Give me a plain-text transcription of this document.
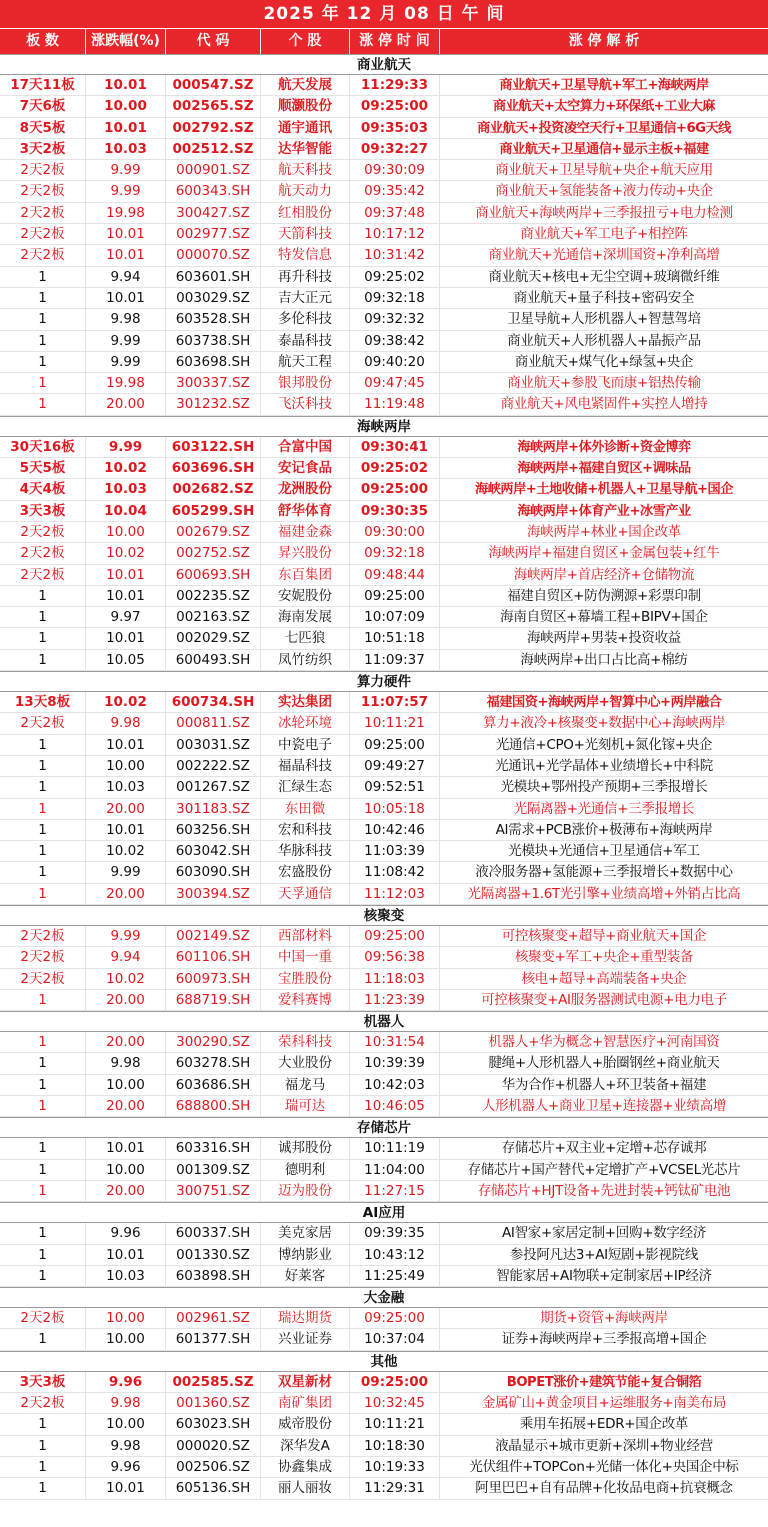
2025 年 12 月 08 日 午 间
板 数	涨跌幅(%)	代 码	个 股	涨 停 时 间	涨 停 解 析
商业航天
17天11板	10.01	000547.SZ	航天发展	11:29:33	商业航天+卫星导航+军工+海峡两岸
7天6板	10.00	002565.SZ	顺灏股份	09:25:00	商业航天+太空算力+环保纸+工业大麻
8天5板	10.01	002792.SZ	通宇通讯	09:35:03	商业航天+投资凌空天行+卫星通信+6G天线
3天2板	10.03	002512.SZ	达华智能	09:32:27	商业航天+卫星通信+显示主板+福建
2天2板	9.99	000901.SZ	航天科技	09:30:09	商业航天+卫星导航+央企+航天应用
2天2板	9.99	600343.SH	航天动力	09:35:42	商业航天+氢能装备+液力传动+央企
2天2板	19.98	300427.SZ	红相股份	09:37:48	商业航天+海峡两岸+三季报扭亏+电力检测
2天2板	10.01	002977.SZ	天箭科技	10:17:12	商业航天+军工电子+相控阵
2天2板	10.01	000070.SZ	特发信息	10:31:42	商业航天+光通信+深圳国资+净利高增
1	9.94	603601.SH	再升科技	09:25:02	商业航天+核电+无尘空调+玻璃微纤维
1	10.01	003029.SZ	吉大正元	09:32:18	商业航天+量子科技+密码安全
1	9.98	603528.SH	多伦科技	09:32:32	卫星导航+人形机器人+智慧驾培
1	9.99	603738.SH	泰晶科技	09:38:42	商业航天+人形机器人+晶振产品
1	9.99	603698.SH	航天工程	09:40:20	商业航天+煤气化+绿氢+央企
1	19.98	300337.SZ	银邦股份	09:47:45	商业航天+参股飞而康+铝热传输
1	20.00	301232.SZ	飞沃科技	11:19:48	商业航天+风电紧固件+实控人增持
海峡两岸
30天16板	9.99	603122.SH	合富中国	09:30:41	海峡两岸+体外诊断+资金博弈
5天5板	10.02	603696.SH	安记食品	09:25:02	海峡两岸+福建自贸区+调味品
4天4板	10.03	002682.SZ	龙洲股份	09:25:00	海峡两岸+土地收储+机器人+卫星导航+国企
3天3板	10.04	605299.SH	舒华体育	09:30:35	海峡两岸+体育产业+冰雪产业
2天2板	10.00	002679.SZ	福建金森	09:30:00	海峡两岸+林业+国企改革
2天2板	10.02	002752.SZ	昇兴股份	09:32:18	海峡两岸+福建自贸区+金属包装+红牛
2天2板	10.01	600693.SH	东百集团	09:48:44	海峡两岸+首店经济+仓储物流
1	10.01	002235.SZ	安妮股份	09:25:00	福建自贸区+防伪溯源+彩票印制
1	9.97	002163.SZ	海南发展	10:07:09	海南自贸区+幕墙工程+BIPV+国企
1	10.01	002029.SZ	七匹狼	10:51:18	海峡两岸+男装+投资收益
1	10.05	600493.SH	凤竹纺织	11:09:37	海峡两岸+出口占比高+棉纺
算力硬件
13天8板	10.02	600734.SH	实达集团	11:07:57	福建国资+海峡两岸+智算中心+两岸融合
2天2板	9.98	000811.SZ	冰轮环境	10:11:21	算力+液冷+核聚变+数据中心+海峡两岸
1	10.01	003031.SZ	中瓷电子	09:25:00	光通信+CPO+光刻机+氮化镓+央企
1	10.00	002222.SZ	福晶科技	09:49:27	光通讯+光学晶体+业绩增长+中科院
1	10.03	001267.SZ	汇绿生态	09:52:51	光模块+鄂州投产预期+三季报增长
1	20.00	301183.SZ	东田微	10:05:18	光隔离器+光通信+三季报增长
1	10.01	603256.SH	宏和科技	10:42:46	AI需求+PCB涨价+极薄布+海峡两岸
1	10.02	603042.SH	华脉科技	11:03:39	光模块+光通信+卫星通信+军工
1	9.99	603090.SH	宏盛股份	11:08:42	液冷服务器+氢能源+三季报增长+数据中心
1	20.00	300394.SZ	天孚通信	11:12:03	光隔离器+1.6T光引擎+业绩高增+外销占比高
核聚变
2天2板	9.99	002149.SZ	西部材料	09:25:00	可控核聚变+超导+商业航天+国企
2天2板	9.94	601106.SH	中国一重	09:56:38	核聚变+军工+央企+重型装备
2天2板	10.02	600973.SH	宝胜股份	11:18:03	核电+超导+高端装备+央企
1	20.00	688719.SH	爱科赛博	11:23:39	可控核聚变+AI服务器测试电源+电力电子
机器人
1	20.00	300290.SZ	荣科科技	10:31:54	机器人+华为概念+智慧医疗+河南国资
1	9.98	603278.SH	大业股份	10:39:39	腱绳+人形机器人+胎圈钢丝+商业航天
1	10.00	603686.SH	福龙马	10:42:03	华为合作+机器人+环卫装备+福建
1	20.00	688800.SH	瑞可达	10:46:05	人形机器人+商业卫星+连接器+业绩高增
存储芯片
1	10.01	603316.SH	诚邦股份	10:11:19	存储芯片+双主业+定增+芯存诚邦
1	10.00	001309.SZ	德明利	11:04:00	存储芯片+国产替代+定增扩产+VCSEL光芯片
1	20.00	300751.SZ	迈为股份	11:27:15	存储芯片+HJT设备+先进封装+钙钛矿电池
AI应用
1	9.96	600337.SH	美克家居	09:39:35	AI智家+家居定制+回购+数字经济
1	10.01	001330.SZ	博纳影业	10:43:12	参投阿凡达3+AI短剧+影视院线
1	10.03	603898.SH	好莱客	11:25:49	智能家居+AI物联+定制家居+IP经济
大金融
2天2板	10.00	002961.SZ	瑞达期货	09:25:00	期货+资管+海峡两岸
1	10.00	601377.SH	兴业证券	10:37:04	证券+海峡两岸+三季报高增+国企
其他
3天3板	9.96	002585.SZ	双星新材	09:25:00	BOPET涨价+建筑节能+复合铜箔
2天2板	9.98	001360.SZ	南矿集团	10:32:45	金属矿山+黄金项目+运维服务+南美布局
1	10.00	603023.SH	威帝股份	10:11:21	乘用车拓展+EDR+国企改革
1	9.98	000020.SZ	深华发A	10:18:30	液晶显示+城市更新+深圳+物业经营
1	9.96	002506.SZ	协鑫集成	10:19:33	光伏组件+TOPCon+光储一体化+央国企中标
1	10.01	605136.SH	丽人丽妆	11:29:31	阿里巴巴+自有品牌+化妆品电商+抗衰概念
